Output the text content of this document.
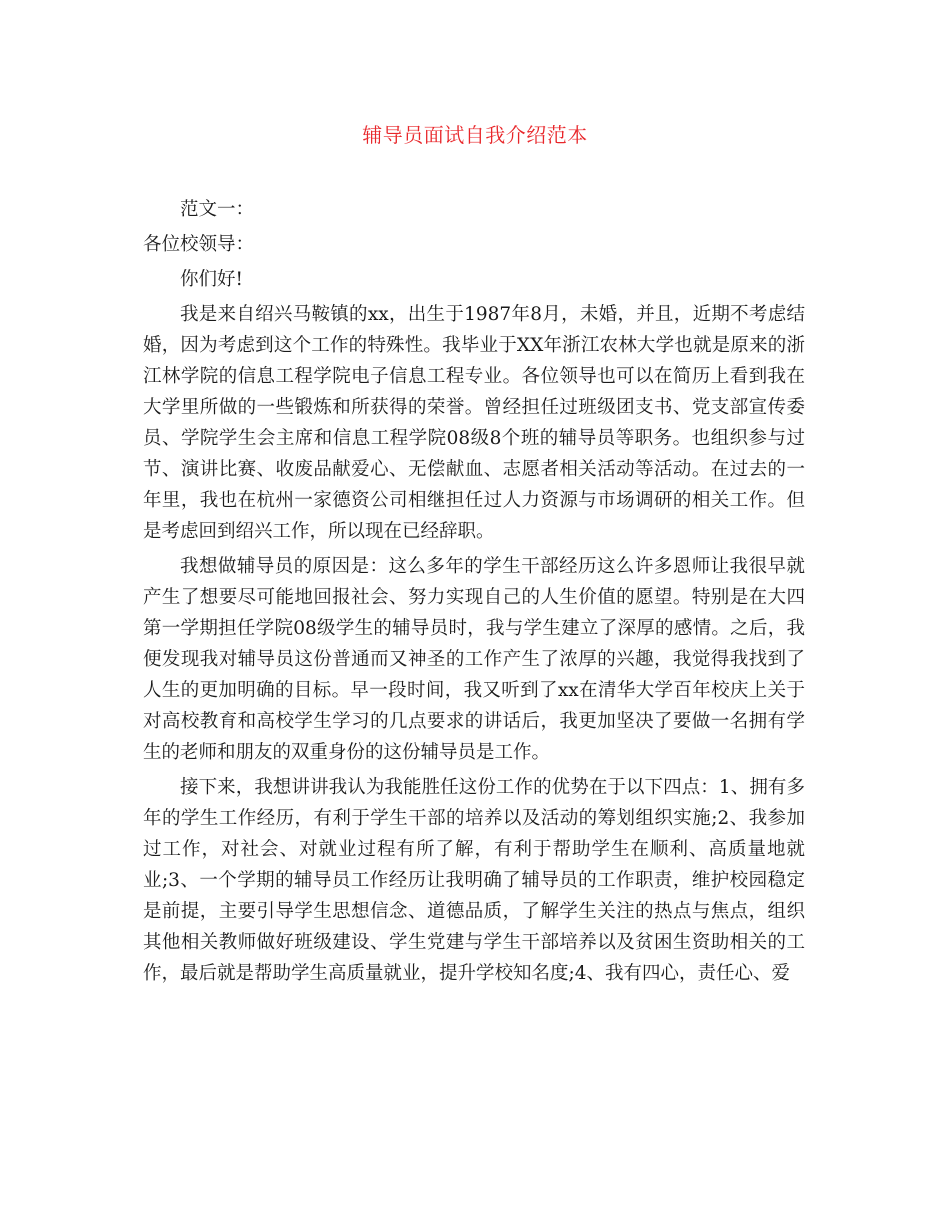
辅导员面试自我介绍范本

范文一：

各位校领导：

你们好!

我是来自绍兴马鞍镇的xx，出生于1987年8月，未婚，并且，近期不考虑结婚，因为考虑到这个工作的特殊性。我毕业于XX年浙江农林大学也就是原来的浙江林学院的信息工程学院电子信息工程专业。各位领导也可以在简历上看到我在大学里所做的一些锻炼和所获得的荣誉。曾经担任过班级团支书、党支部宣传委员、学院学生会主席和信息工程学院08级8个班的辅导员等职务。也组织参与过节、演讲比赛、收废品献爱心、无偿献血、志愿者相关活动等活动。在过去的一年里，我也在杭州一家德资公司相继担任过人力资源与市场调研的相关工作。但是考虑回到绍兴工作，所以现在已经辞职。

我想做辅导员的原因是：这么多年的学生干部经历这么许多恩师让我很早就产生了想要尽可能地回报社会、努力实现自己的人生价值的愿望。特别是在大四第一学期担任学院08级学生的辅导员时，我与学生建立了深厚的感情。之后，我便发现我对辅导员这份普通而又神圣的工作产生了浓厚的兴趣，我觉得我找到了人生的更加明确的目标。早一段时间，我又听到了xx在清华大学百年校庆上关于对高校教育和高校学生学习的几点要求的讲话后，我更加坚决了要做一名拥有学生的老师和朋友的双重身份的这份辅导员是工作。

接下来，我想讲讲我认为我能胜任这份工作的优势在于以下四点：1、拥有多年的学生工作经历，有利于学生干部的培养以及活动的筹划组织实施;2、我参加过工作，对社会、对就业过程有所了解，有利于帮助学生在顺利、高质量地就业;3、一个学期的辅导员工作经历让我明确了辅导员的工作职责，维护校园稳定是前提，主要引导学生思想信念、道德品质，了解学生关注的热点与焦点，组织其他相关教师做好班级建设、学生党建与学生干部培养以及贫困生资助相关的工作，最后就是帮助学生高质量就业，提升学校知名度;4、我有四心，责任心、爱
